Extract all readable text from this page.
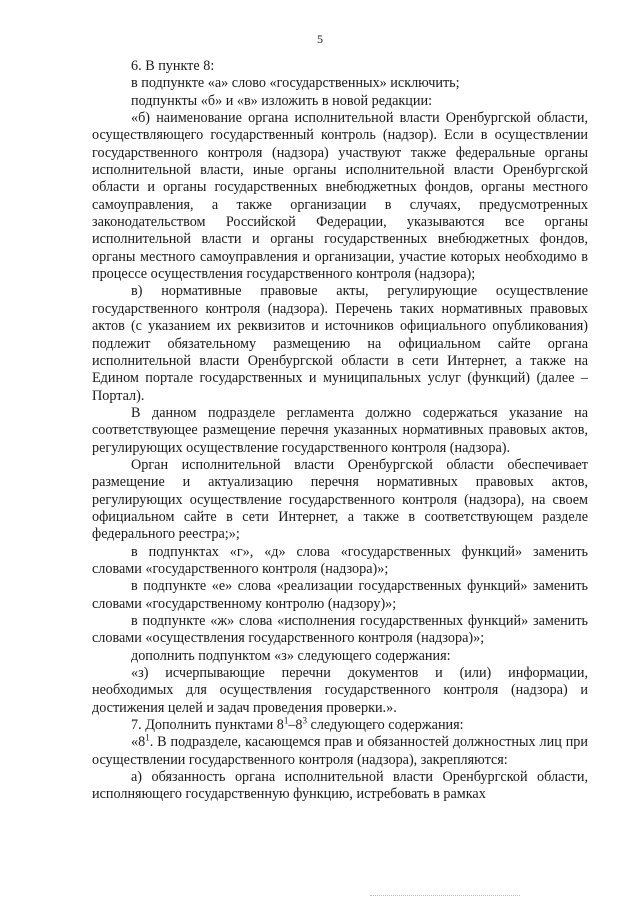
5

6. В пункте 8:

в подпункте «а» слово «государственных» исключить;

подпункты «б» и «в» изложить в новой редакции:

«б) наименование органа исполнительной власти Оренбургской области, осуществляющего государственный контроль (надзор). Если в осуществлении государственного контроля (надзора) участвуют также федеральные органы исполнительной власти, иные органы исполнительной власти Оренбургской области и органы государственных внебюджетных фондов, органы местного самоуправления, а также организации в случаях, предусмотренных законодательством Российской Федерации, указываются все органы исполнительной власти и органы государственных внебюджетных фондов, органы местного самоуправления и организации, участие которых необходимо в процессе осуществления государственного контроля (надзора);

в) нормативные правовые акты, регулирующие осуществление государственного контроля (надзора). Перечень таких нормативных правовых актов (с указанием их реквизитов и источников официального опубликования) подлежит обязательному размещению на официальном сайте органа исполнительной власти Оренбургской области в сети Интернет, а также на Едином портале государственных и муниципальных услуг (функций) (далее – Портал).

В данном подразделе регламента должно содержаться указание на соответствующее размещение перечня указанных нормативных правовых актов, регулирующих осуществление государственного контроля (надзора).

Орган исполнительной власти Оренбургской области обеспечивает размещение и актуализацию перечня нормативных правовых актов, регулирующих осуществление государственного контроля (надзора), на своем официальном сайте в сети Интернет, а также в соответствующем разделе федерального реестра;»;

в подпунктах «г», «д» слова «государственных функций» заменить словами «государственного контроля (надзора)»;

в подпункте «е» слова «реализации государственных функций» заменить словами «государственному контролю (надзору)»;

в подпункте «ж» слова «исполнения государственных функций» заменить словами «осуществления государственного контроля (надзора)»;

дополнить подпунктом «з» следующего содержания:

«з) исчерпывающие перечни документов и (или) информации, необходимых для осуществления государственного контроля (надзора) и достижения целей и задач проведения проверки.».

7. Дополнить пунктами $8^1-8^3$ следующего содержания:

«$8^1$. В подразделе, касающемся прав и обязанностей должностных лиц при осуществлении государственного контроля (надзора), закрепляются:

а) обязанность органа исполнительной власти Оренбургской области, исполняющего государственную функцию, истребовать в рамках
